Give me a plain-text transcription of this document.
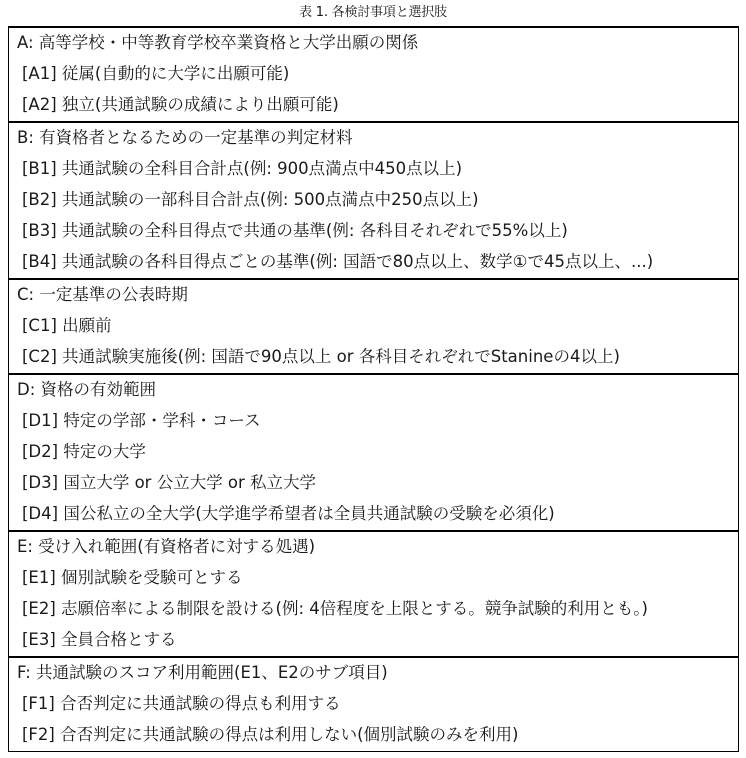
表 1. 各検討事項と選択肢
A: 高等学校・中等教育学校卒業資格と大学出願の関係
[A1] 従属(自動的に大学に出願可能)
[A2] 独立(共通試験の成績により出願可能)
B: 有資格者となるための一定基準の判定材料
[B1] 共通試験の全科目合計点(例: 900点満点中450点以上)
[B2] 共通試験の一部科目合計点(例: 500点満点中250点以上)
[B3] 共通試験の全科目得点で共通の基準(例: 各科目それぞれで55%以上)
[B4] 共通試験の各科目得点ごとの基準(例: 国語で80点以上、数学①で45点以上、...)
C: 一定基準の公表時期
[C1] 出願前
[C2] 共通試験実施後(例: 国語で90点以上 or 各科目それぞれでStanineの4以上)
D: 資格の有効範囲
[D1] 特定の学部・学科・コース
[D2] 特定の大学
[D3] 国立大学 or 公立大学 or 私立大学
[D4] 国公私立の全大学(大学進学希望者は全員共通試験の受験を必須化)
E: 受け入れ範囲(有資格者に対する処遇)
[E1] 個別試験を受験可とする
[E2] 志願倍率による制限を設ける(例: 4倍程度を上限とする。競争試験的利用とも。)
[E3] 全員合格とする
F: 共通試験のスコア利用範囲(E1、E2のサブ項目)
[F1] 合否判定に共通試験の得点も利用する
[F2] 合否判定に共通試験の得点は利用しない(個別試験のみを利用)
